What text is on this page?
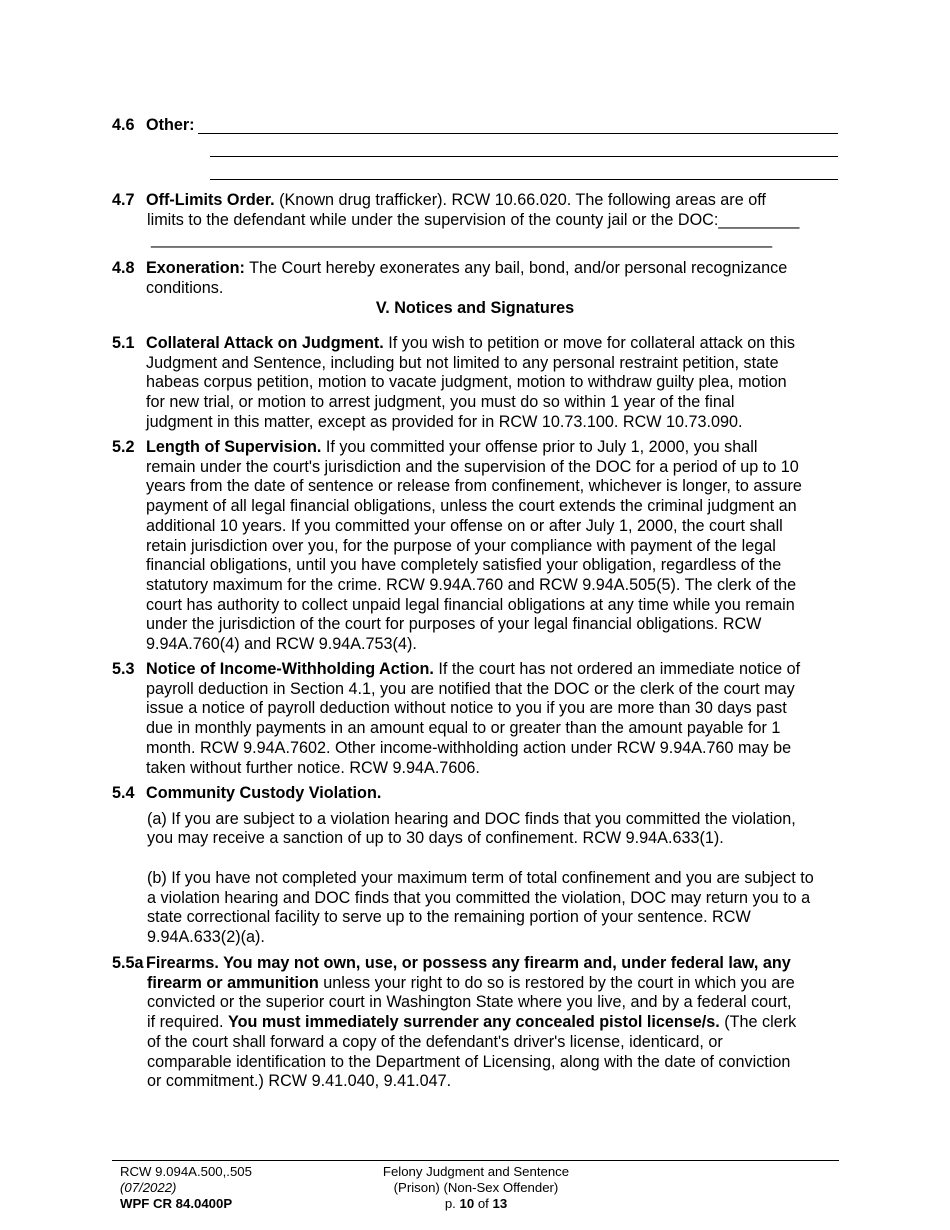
4.6 Other:
4.7 Off-Limits Order. (Known drug trafficker). RCW 10.66.020. The following areas are off
limits to the defendant while under the supervision of the county jail or the DOC:_________
_____________________________________________________________________
4.8 Exoneration: The Court hereby exonerates any bail, bond, and/or personal recognizance
conditions.
V. Notices and Signatures
5.1 Collateral Attack on Judgment. If you wish to petition or move for collateral attack on this
Judgment and Sentence, including but not limited to any personal restraint petition, state
habeas corpus petition, motion to vacate judgment, motion to withdraw guilty plea, motion
for new trial, or motion to arrest judgment, you must do so within 1 year of the final
judgment in this matter, except as provided for in RCW 10.73.100. RCW 10.73.090.
5.2 Length of Supervision. If you committed your offense prior to July 1, 2000, you shall
remain under the court's jurisdiction and the supervision of the DOC for a period of up to 10
years from the date of sentence or release from confinement, whichever is longer, to assure
payment of all legal financial obligations, unless the court extends the criminal judgment an
additional 10 years. If you committed your offense on or after July 1, 2000, the court shall
retain jurisdiction over you, for the purpose of your compliance with payment of the legal
financial obligations, until you have completely satisfied your obligation, regardless of the
statutory maximum for the crime. RCW 9.94A.760 and RCW 9.94A.505(5). The clerk of the
court has authority to collect unpaid legal financial obligations at any time while you remain
under the jurisdiction of the court for purposes of your legal financial obligations. RCW
9.94A.760(4) and RCW 9.94A.753(4).
5.3 Notice of Income-Withholding Action. If the court has not ordered an immediate notice of
payroll deduction in Section 4.1, you are notified that the DOC or the clerk of the court may
issue a notice of payroll deduction without notice to you if you are more than 30 days past
due in monthly payments in an amount equal to or greater than the amount payable for 1
month. RCW 9.94A.7602. Other income-withholding action under RCW 9.94A.760 may be
taken without further notice. RCW 9.94A.7606.
5.4 Community Custody Violation.
(a) If you are subject to a violation hearing and DOC finds that you committed the violation,
you may receive a sanction of up to 30 days of confinement. RCW 9.94A.633(1).
(b) If you have not completed your maximum term of total confinement and you are subject to
a violation hearing and DOC finds that you committed the violation, DOC may return you to a
state correctional facility to serve up to the remaining portion of your sentence. RCW
9.94A.633(2)(a).
5.5a Firearms. You may not own, use, or possess any firearm and, under federal law, any
firearm or ammunition unless your right to do so is restored by the court in which you are
convicted or the superior court in Washington State where you live, and by a federal court,
if required. You must immediately surrender any concealed pistol license/s. (The clerk
of the court shall forward a copy of the defendant's driver's license, identicard, or
comparable identification to the Department of Licensing, along with the date of conviction
or commitment.) RCW 9.41.040, 9.41.047.
RCW 9.094A.500,.505
(07/2022)
WPF CR 84.0400P
Felony Judgment and Sentence
(Prison) (Non-Sex Offender)
p. 10 of 13
